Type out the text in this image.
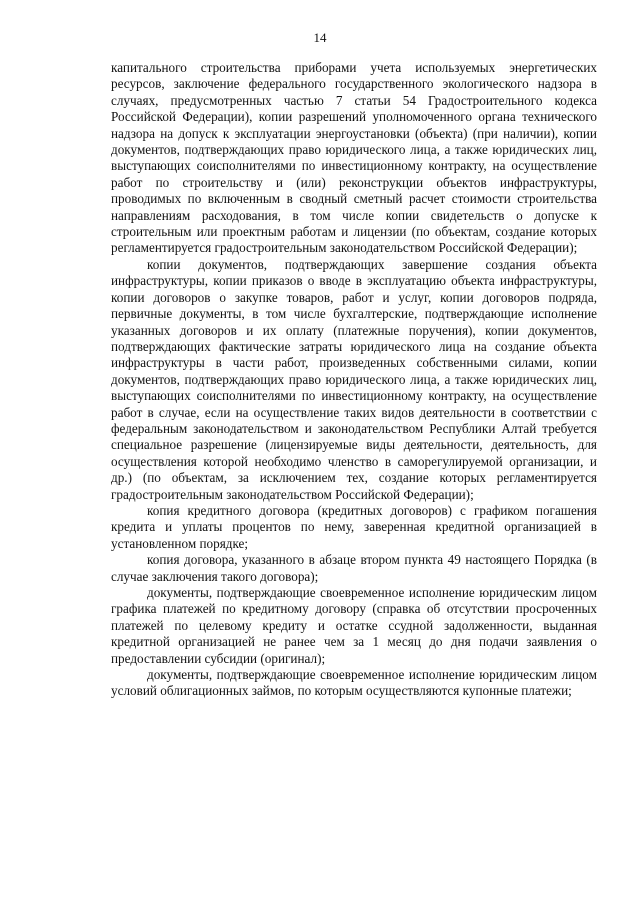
14

капитального строительства приборами учета используемых энергетических ресурсов, заключение федерального государственного экологического надзора в случаях, предусмотренных частью 7 статьи 54 Градостроительного кодекса Российской Федерации), копии разрешений уполномоченного органа технического надзора на допуск к эксплуатации энергоустановки (объекта) (при наличии), копии документов, подтверждающих право юридического лица, а также юридических лиц, выступающих соисполнителями по инвестиционному контракту, на осуществление работ по строительству и (или) реконструкции объектов инфраструктуры, проводимых по включенным в сводный сметный расчет стоимости строительства направлениям расходования, в том числе копии свидетельств о допуске к строительным или проектным работам и лицензии (по объектам, создание которых регламентируется градостроительным законодательством Российской Федерации);

копии документов, подтверждающих завершение создания объекта инфраструктуры, копии приказов о вводе в эксплуатацию объекта инфраструктуры, копии договоров о закупке товаров, работ и услуг, копии договоров подряда, первичные документы, в том числе бухгалтерские, подтверждающие исполнение указанных договоров и их оплату (платежные поручения), копии документов, подтверждающих фактические затраты юридического лица на создание объекта инфраструктуры в части работ, произведенных собственными силами, копии документов, подтверждающих право юридического лица, а также юридических лиц, выступающих соисполнителями по инвестиционному контракту, на осуществление работ в случае, если на осуществление таких видов деятельности в соответствии с федеральным законодательством и законодательством Республики Алтай требуется специальное разрешение (лицензируемые виды деятельности, деятельность, для осуществления которой необходимо членство в саморегулируемой организации, и др.) (по объектам, за исключением тех, создание которых регламентируется градостроительным законодательством Российской Федерации);

копия кредитного договора (кредитных договоров) с графиком погашения кредита и уплаты процентов по нему, заверенная кредитной организацией в установленном порядке;

копия договора, указанного в абзаце втором пункта 49 настоящего Порядка (в случае заключения такого договора);

документы, подтверждающие своевременное исполнение юридическим лицом графика платежей по кредитному договору (справка об отсутствии просроченных платежей по целевому кредиту и остатке ссудной задолженности, выданная кредитной организацией не ранее чем за 1 месяц до дня подачи заявления о предоставлении субсидии (оригинал);

документы, подтверждающие своевременное исполнение юридическим лицом условий облигационных займов, по которым осуществляются купонные платежи;
